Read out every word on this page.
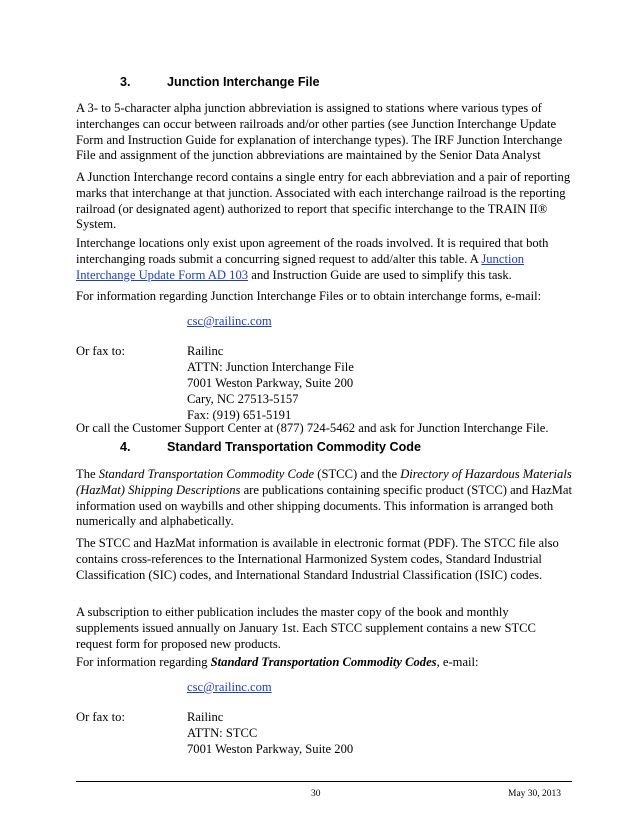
3.	Junction Interchange File
A 3- to 5-character alpha junction abbreviation is assigned to stations where various types of interchanges can occur between railroads and/or other parties (see Junction Interchange Update Form and Instruction Guide for explanation of interchange types). The IRF Junction Interchange File and assignment of the junction abbreviations are maintained by the Senior Data Analyst
A Junction Interchange record contains a single entry for each abbreviation and a pair of reporting marks that interchange at that junction. Associated with each interchange railroad is the reporting railroad (or designated agent) authorized to report that specific interchange to the TRAIN II® System.
Interchange locations only exist upon agreement of the roads involved. It is required that both interchanging roads submit a concurring signed request to add/alter this table. A Junction Interchange Update Form AD 103 and Instruction Guide are used to simplify this task.
For information regarding Junction Interchange Files or to obtain interchange forms, e-mail:
csc@railinc.com
Or fax to:	Railinc
ATTN: Junction Interchange File
7001 Weston Parkway, Suite 200
Cary, NC 27513-5157
Fax: (919) 651-5191
Or call the Customer Support Center at (877) 724-5462 and ask for Junction Interchange File.
4.	Standard Transportation Commodity Code
The Standard Transportation Commodity Code (STCC) and the Directory of Hazardous Materials (HazMat) Shipping Descriptions are publications containing specific product (STCC) and HazMat information used on waybills and other shipping documents. This information is arranged both numerically and alphabetically.
The STCC and HazMat information is available in electronic format (PDF). The STCC file also contains cross-references to the International Harmonized System codes, Standard Industrial Classification (SIC) codes, and International Standard Industrial Classification (ISIC) codes.
A subscription to either publication includes the master copy of the book and monthly supplements issued annually on January 1st. Each STCC supplement contains a new STCC request form for proposed new products.
For information regarding Standard Transportation Commodity Codes, e-mail:
csc@railinc.com
Or fax to:	Railinc
ATTN: STCC
7001 Weston Parkway, Suite 200
30	May 30, 2013
